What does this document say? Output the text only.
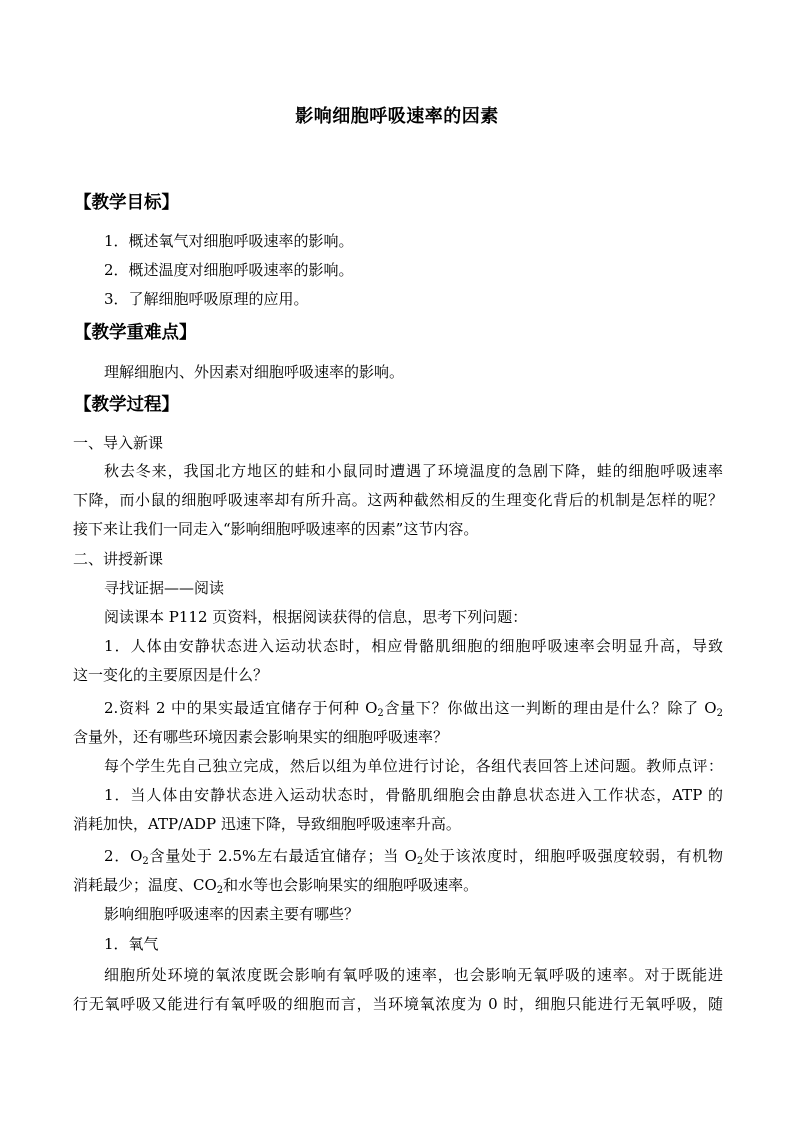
影响细胞呼吸速率的因素
【教学目标】
1．概述氧气对细胞呼吸速率的影响。
2．概述温度对细胞呼吸速率的影响。
3．了解细胞呼吸原理的应用。
【教学重难点】
理解细胞内、外因素对细胞呼吸速率的影响。
【教学过程】
一、导入新课
秋去冬来，我国北方地区的蛙和小鼠同时遭遇了环境温度的急剧下降，蛙的细胞呼吸速率
下降，而小鼠的细胞呼吸速率却有所升高。这两种截然相反的生理变化背后的机制是怎样的呢？
接下来让我们一同走入“影响细胞呼吸速率的因素”这节内容。
二、讲授新课
寻找证据——阅读
阅读课本 P112 页资料，根据阅读获得的信息，思考下列问题：
1．人体由安静状态进入运动状态时，相应骨骼肌细胞的细胞呼吸速率会明显升高，导致
这一变化的主要原因是什么？
2.资料 2 中的果实最适宜储存于何种 $O_2$含量下？你做出这一判断的理由是什么？除了 $O_2$
含量外，还有哪些环境因素会影响果实的细胞呼吸速率？
每个学生先自己独立完成，然后以组为单位进行讨论，各组代表回答上述问题。教师点评：
1．当人体由安静状态进入运动状态时，骨骼肌细胞会由静息状态进入工作状态，ATP 的
消耗加快，ATP/ADP 迅速下降，导致细胞呼吸速率升高。
2．$O_2$含量处于 2.5%左右最适宜储存；当 $O_2$处于该浓度时，细胞呼吸强度较弱，有机物
消耗最少；温度、$CO_2$和水等也会影响果实的细胞呼吸速率。
影响细胞呼吸速率的因素主要有哪些？
1．氧气
细胞所处环境的氧浓度既会影响有氧呼吸的速率，也会影响无氧呼吸的速率。对于既能进
行无氧呼吸又能进行有氧呼吸的细胞而言，当环境氧浓度为 0 时，细胞只能进行无氧呼吸，随
